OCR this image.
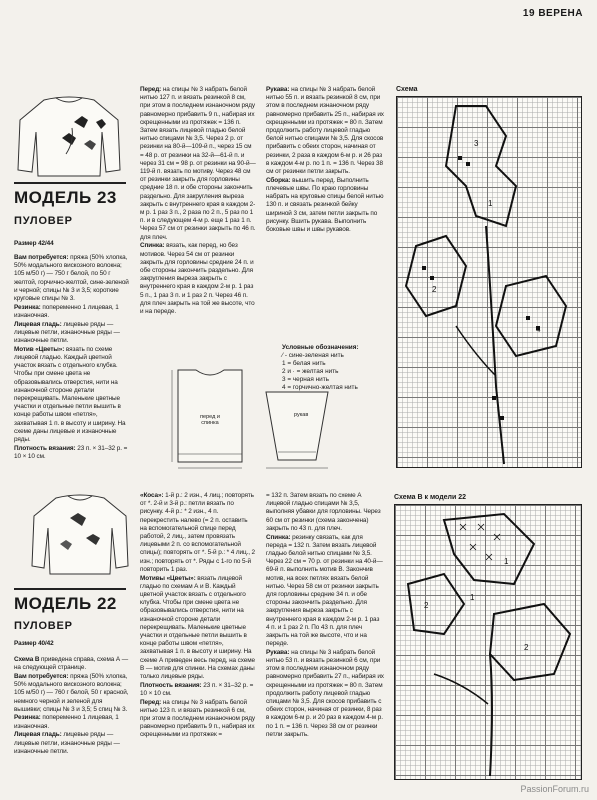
19 ВЕРЕНА
МОДЕЛЬ 23
ПУЛОВЕР
Размер 42/44
Вам потребуется: пряжа (50% хлопка, 50% модального вискозного волокна; 105 м/50 г) — 750 г белой, по 50 г желтой, горчично-желтой, сине-зеленой и черной; спицы № 3 и 3,5; короткие круговые спицы № 3.
Резинка: попеременно 1 лицевая, 1 изнаночная.
Лицевая гладь: лицевые ряды — лицевые петли, изнаночные ряды — изнаночные петли.
Мотив «Цветы»: вязать по схеме лицевой гладью. Каждый цветной участок вязать с отдельного клубка. Чтобы при смене цвета не образовывались отверстия, нити на изнаночной стороне детали перекрещивать. Маленькие цветные участки и отдельные петли вышить в конце работы швом «петля», захватывая 1 п. в высоту и ширину. На схеме даны лицевые и изнаночные ряды.
Плотность вязания: 23 п. × 31–32 р. = 10 × 10 см.
Перед: на спицы № 3 набрать белой нитью 127 п. и вязать резинкой 8 см, при этом в последнем изнаночном ряду равномерно прибавить 9 п., набирая их скрещенными из протяжек = 136 п. Затем вязать лицевой гладью белой нитью спицами № 3,5. Через 2 р. от резинки на 80-й—109-й п., через 15 см = 48 р. от резинки на 32-й—61-й п. и через 31 см = 98 р. от резинки на 90-й—119-й п. вязать по мотиву. Через 48 см от резинки закрыть для горловины средние 18 п. и обе стороны закончить раздельно. Для закругления выреза закрыть с внутреннего края в каждом 2-м р. 1 раз 3 п., 2 раза по 2 п., 5 раз по 1 п. и в следующем 4-м р. еще 1 раз 1 п. Через 57 см от резинки закрыть по 46 п. для плеч.
Спинка: вязать, как перед, но без мотивов. Через 54 см от резинки закрыть для горловины средние 24 п. и обе стороны закончить раздельно. Для закругления выреза закрыть с внутреннего края в каждом 2-м р. 1 раз 5 п., 1 раз 3 п. и 1 раз 2 п. Через 46 п. для плеч закрыть на той же высоте, что и на переде.
Рукава: на спицы № 3 набрать белой нитью 55 п. и вязать резинкой 8 см, при этом в последнем изнаночном ряду равномерно прибавить 25 п., набирая их скрещенными из протяжек = 80 п. Затем продолжить работу лицевой гладью белой нитью спицами № 3,5. Для скосов прибавить с обеих сторон, начиная от резинки, 2 раза в каждом 6-м р. и 26 раз в каждом 4-м р. по 1 п. = 136 п. Через 38 см от резинки петли закрыть.
Сборка: вышить перед. Выполнить плечевые швы. По краю горловины набрать на круговые спицы белой нитью 130 п. и связать резинкой бейку шириной 3 см, затем петли закрыть по рисунку. Вшить рукава. Выполнить боковые швы и швы рукавов.
Условные обозначения:
⁄ - сине-зеленая нить
1 = белая нить
2 и · = желтая нить
3 = черная нить
4 = горчично-желтая нить
перед и спинка
рукав
Схема
3
2
4
1
МОДЕЛЬ 22
ПУЛОВЕР
Размер 40/42
Схема В приведена справа, схема А — на следующей странице.
Вам потребуется: пряжа (50% хлопка, 50% модального вискозного волокна; 105 м/50 г) — 760 г белой, 50 г красной, немного черной и зеленой для вышивки; спицы № 3 и 3,5; 5 спиц № 3.
Резинка: попеременно 1 лицевая, 1 изнаночная.
Лицевая гладь: лицевые ряды — лицевые петли, изнаночные ряды — изнаночные петли.
«Коса»: 1-й р.: 2 изн., 4 лиц.; повторять от *. 2-й и 3-й р.: петли вязать по рисунку. 4-й р.: * 2 изн., 4 п. перекрестить налево (= 2 п. оставить на вспомогательной спице перед работой, 2 лиц., затем провязать лицевыми 2 п. со вспомогательной спицы); повторять от *. 5-й р.: * 4 лиц., 2 изн.; повторять от *. Ряды с 1-го по 5-й повторить 1 раз.
Мотивы «Цветы»: вязать лицевой гладью по схемам А и В. Каждый цветной участок вязать с отдельного клубка. Чтобы при смене цвета не образовывались отверстия, нити на изнаночной стороне детали перекрещивать. Маленькие цветные участки и отдельные петли вышить в конце работы швом «петля», захватывая 1 п. в высоту и ширину. На схеме А приведен весь перед, на схеме В — мотив для спинки. На схемах даны только лицевые ряды.
Плотность вязания: 23 п. × 31–32 р. = 10 × 10 см.
Перед: на спицы № 3 набрать белой нитью 123 п. и вязать резинкой 6 см, при этом в последнем изнаночном ряду равномерно прибавить 9 п., набирая их скрещенными из протяжек =
= 132 п. Затем вязать по схеме А лицевой гладью спицами № 3,5, выполняя убавки для горловины. Через 60 см от резинки (схема закончена) закрыть по 43 п. для плеч.
Спинка: резинку связать, как для переда = 132 п. Затем вязать лицевой гладью белой нитью спицами № 3,5. Через 22 см = 70 р. от резинки на 40-й—69-й п. выполнить мотив В. Закончив мотив, на всех петлях вязать белой нитью. Через 58 см от резинки закрыть для горловины средние 34 п. и обе стороны закончить раздельно. Для закругления выреза закрыть с внутреннего края в каждом 2-м р. 1 раз 4 п. и 1 раз 2 п. По 43 п. для плеч закрыть на той же высоте, что и на переде.
Рукава: на спицы № 3 набрать белой нитью 53 п. и вязать резинкой 6 см, при этом в последнем изнаночном ряду равномерно прибавить 27 п., набирая их скрещенными из протяжек = 80 п. Затем продолжить работу лицевой гладью спицами № 3,5. Для скосов прибавить с обеих сторон, начиная от резинки, 8 раз в каждом 6-м р. и 20 раз в каждом 4-м р. по 1 п. = 136 п. Через 38 см от резинки петли закрыть.
Схема В к модели 22
2
2
1
1
PassionForum.ru
